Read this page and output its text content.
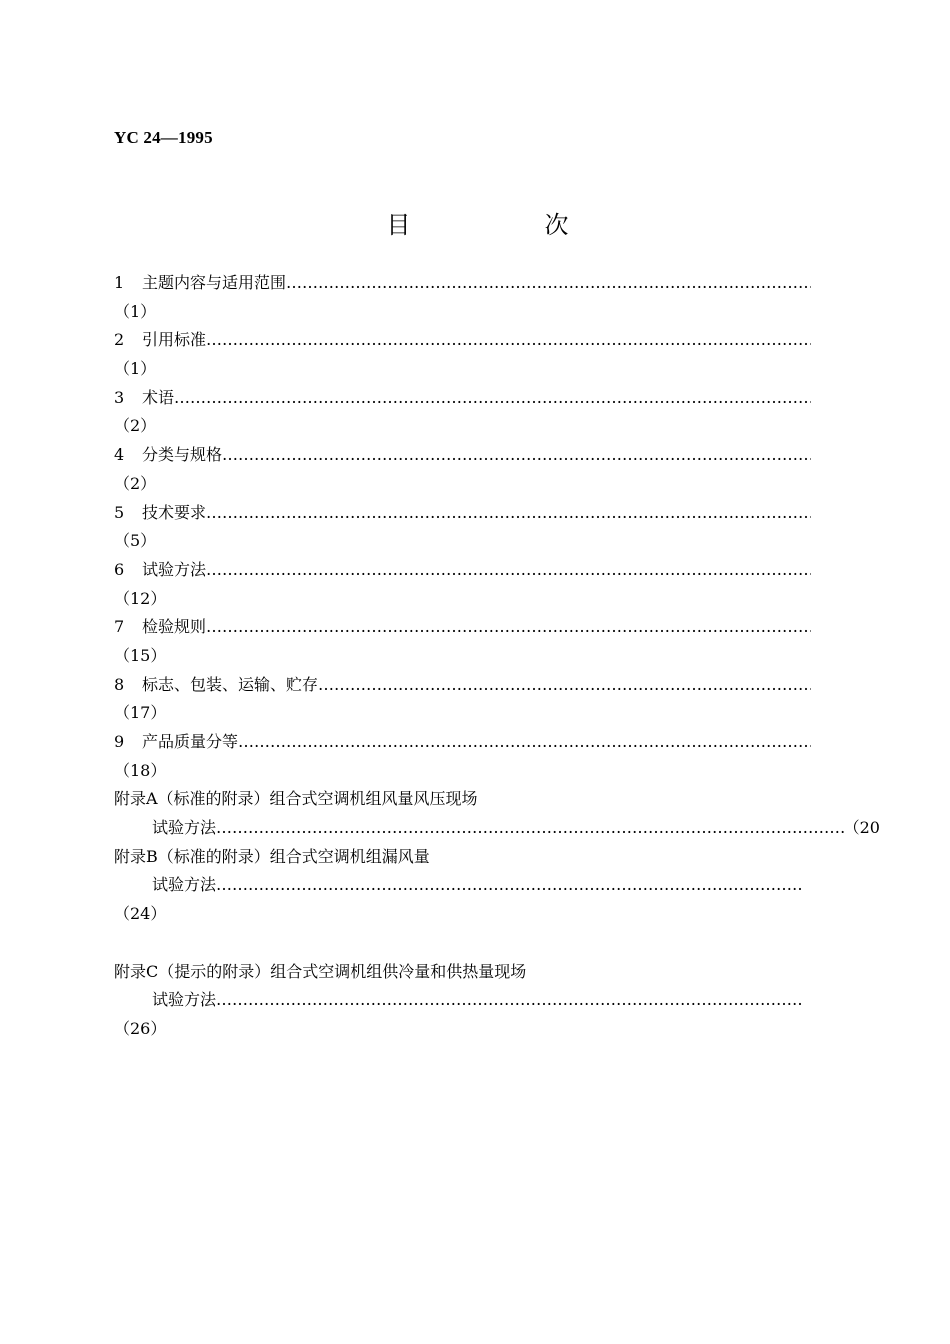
YC 24—1995
目　次
1 主题内容与适用范围
…………………………………………………………………………………………………………………………………………………………………………………
（1）
2 引用标准
…………………………………………………………………………………………………………………………………………………………………………………
（1）
3 术语
…………………………………………………………………………………………………………………………………………………………………………………
（2）
4 分类与规格
…………………………………………………………………………………………………………………………………………………………………………………
（2）
5 技术要求
…………………………………………………………………………………………………………………………………………………………………………………
（5）
6 试验方法
…………………………………………………………………………………………………………………………………………………………………………………
（12）
7 检验规则
…………………………………………………………………………………………………………………………………………………………………………………
（15）
8 标志、包装、运输、贮存
…………………………………………………………………………………………………………………………………………………………………………………
（17）
9 产品质量分等
…………………………………………………………………………………………………………………………………………………………………………………
（18）
附录A（标准的附录）组合式空调机组风量风压现场
试验方法
…………………………………………………………………………………………………………………………………………………………………………………	（20
附录B（标准的附录）组合式空调机组漏风量
试验方法
…………………………………………………………………………………………………………………………………………………………………………………
（24）
附录C（提示的附录）组合式空调机组供冷量和供热量现场
试验方法
…………………………………………………………………………………………………………………………………………………………………………………
（26）
